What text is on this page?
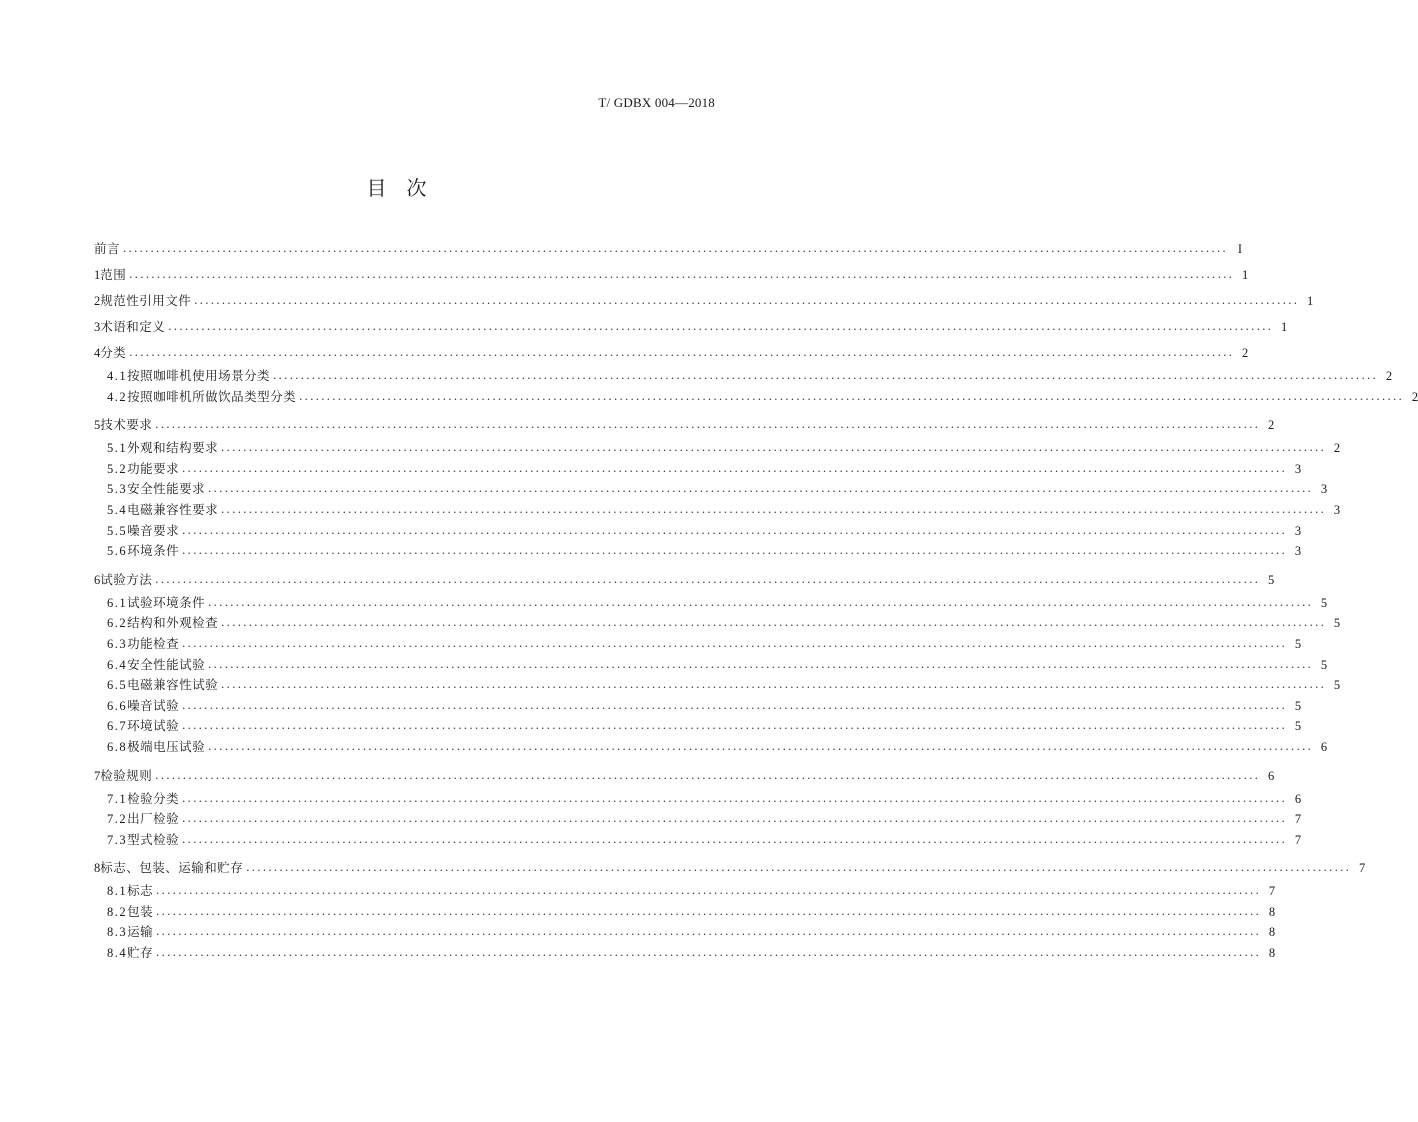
T/ GDBX 004—2018
目次
前言 ........................................................................................................................................................................................................ I
1 范围 ........................................................................................................................................................................................................ 1
2 规范性引用文件 ........................................................................................................................................................................................................ 1
3 术语和定义 ........................................................................................................................................................................................................ 1
4 分类 ........................................................................................................................................................................................................ 2
4.1 按照咖啡机使用场景分类 ........................................................................................................................................................................................................ 2
4.2 按照咖啡机所做饮品类型分类 ........................................................................................................................................................................................................ 2
5 技术要求 ........................................................................................................................................................................................................ 2
5.1 外观和结构要求 ........................................................................................................................................................................................................ 2
5.2 功能要求 ........................................................................................................................................................................................................ 3
5.3 安全性能要求 ........................................................................................................................................................................................................ 3
5.4 电磁兼容性要求 ........................................................................................................................................................................................................ 3
5.5 噪音要求 ........................................................................................................................................................................................................ 3
5.6 环境条件 ........................................................................................................................................................................................................ 3
6 试验方法 ........................................................................................................................................................................................................ 5
6.1 试验环境条件 ........................................................................................................................................................................................................ 5
6.2 结构和外观检查 ........................................................................................................................................................................................................ 5
6.3 功能检查 ........................................................................................................................................................................................................ 5
6.4 安全性能试验 ........................................................................................................................................................................................................ 5
6.5 电磁兼容性试验 ........................................................................................................................................................................................................ 5
6.6 噪音试验 ........................................................................................................................................................................................................ 5
6.7 环境试验 ........................................................................................................................................................................................................ 5
6.8 极端电压试验 ........................................................................................................................................................................................................ 6
7 检验规则 ........................................................................................................................................................................................................ 6
7.1 检验分类 ........................................................................................................................................................................................................ 6
7.2 出厂检验 ........................................................................................................................................................................................................ 7
7.3 型式检验 ........................................................................................................................................................................................................ 7
8 标志、包装、运输和贮存 ........................................................................................................................................................................................................ 7
8.1 标志 ........................................................................................................................................................................................................ 7
8.2 包装 ........................................................................................................................................................................................................ 8
8.3 运输 ........................................................................................................................................................................................................ 8
8.4 贮存 ........................................................................................................................................................................................................ 8
